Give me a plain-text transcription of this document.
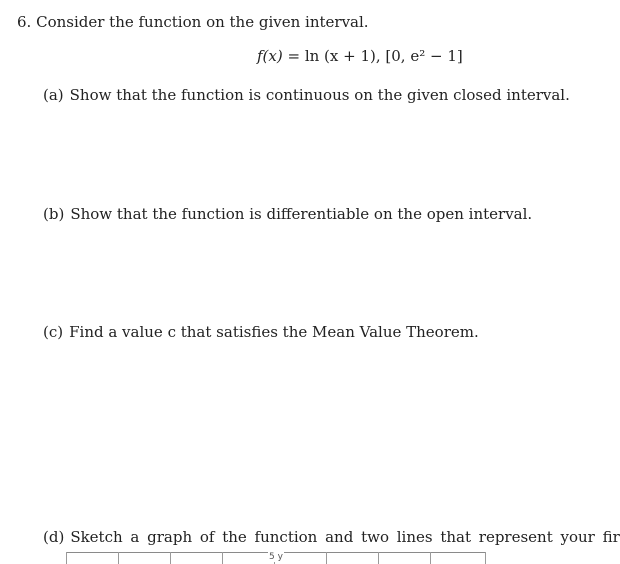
6. Consider the function on the given interval.
f(x) = ln (x + 1), [0, e² − 1]
(a) Show that the function is continuous on the given closed interval.
(b) Show that the function is differentiable on the open interval.
(c) Find a value c that satisfies the Mean Value Theorem.
(d) Sketch a graph of the function and two lines that represent your fir
5 y
